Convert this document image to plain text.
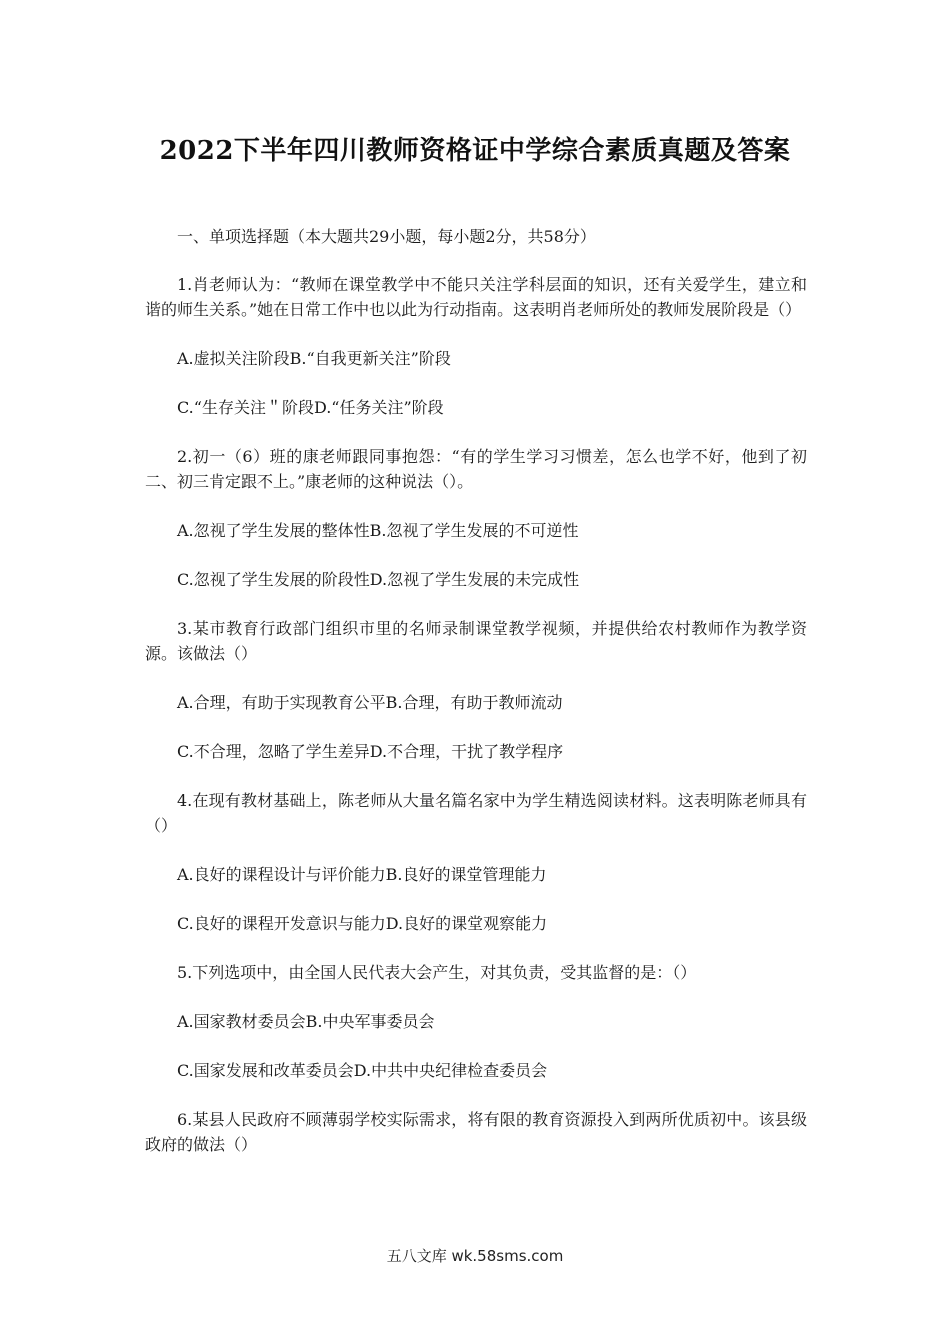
2022下半年四川教师资格证中学综合素质真题及答案

一、单项选择题（本大题共29小题，每小题2分，共58分）

1.肖老师认为：“教师在课堂教学中不能只关注学科层面的知识，还有关爱学生，建立和谐的师生关系。”她在日常工作中也以此为行动指南。这表明肖老师所处的教师发展阶段是（）

A.虚拟关注阶段B.“自我更新关注”阶段

C.“生存关注＂阶段D.“任务关注”阶段

2.初一（6）班的康老师跟同事抱怨：“有的学生学习习惯差，怎么也学不好，他到了初二、初三肯定跟不上。”康老师的这种说法（）。

A.忽视了学生发展的整体性B.忽视了学生发展的不可逆性

C.忽视了学生发展的阶段性D.忽视了学生发展的未完成性

3.某市教育行政部门组织市里的名师录制课堂教学视频，并提供给农村教师作为教学资源。该做法（）

A.合理，有助于实现教育公平B.合理，有助于教师流动

C.不合理，忽略了学生差异D.不合理，干扰了教学程序

4.在现有教材基础上，陈老师从大量名篇名家中为学生精选阅读材料。这表明陈老师具有（）

A.良好的课程设计与评价能力B.良好的课堂管理能力

C.良好的课程开发意识与能力D.良好的课堂观察能力

5.下列选项中，由全国人民代表大会产生，对其负责，受其监督的是：（）

A.国家教材委员会B.中央军事委员会

C.国家发展和改革委员会D.中共中央纪律检查委员会

6.某县人民政府不顾薄弱学校实际需求，将有限的教育资源投入到两所优质初中。该县级政府的做法（）

五八文库 wk.58sms.com
